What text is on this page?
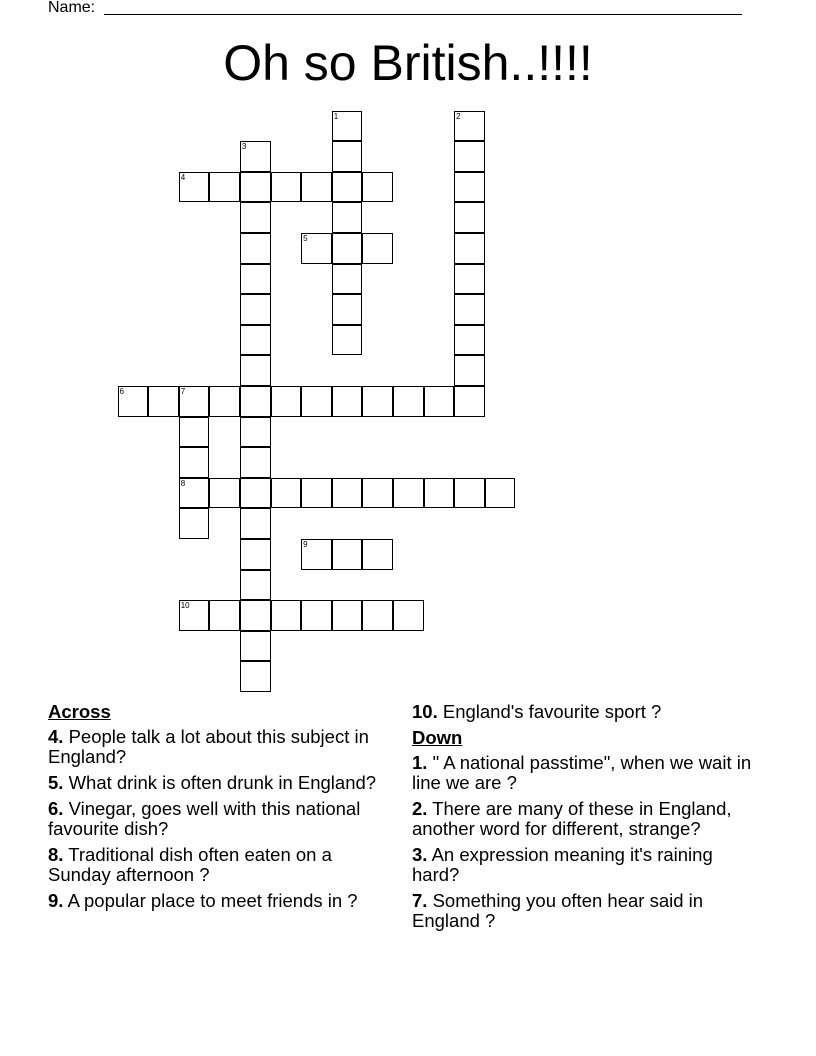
Name:
Oh so British..!!!!
1	2
3
4
5
6	7
8
9
10
Across
4. People talk a lot about this subject in England?
5. What drink is often drunk in England?
6. Vinegar, goes well with this national favourite dish?
8. Traditional dish often eaten on a Sunday afternoon ?
9. A popular place to meet friends in ?
10. England's favourite sport ?
Down
1. " A national passtime", when we wait in line we are ?
2. There are many of these in England, another word for different, strange?
3. An expression meaning it's raining hard?
7. Something you often hear said in England ?
